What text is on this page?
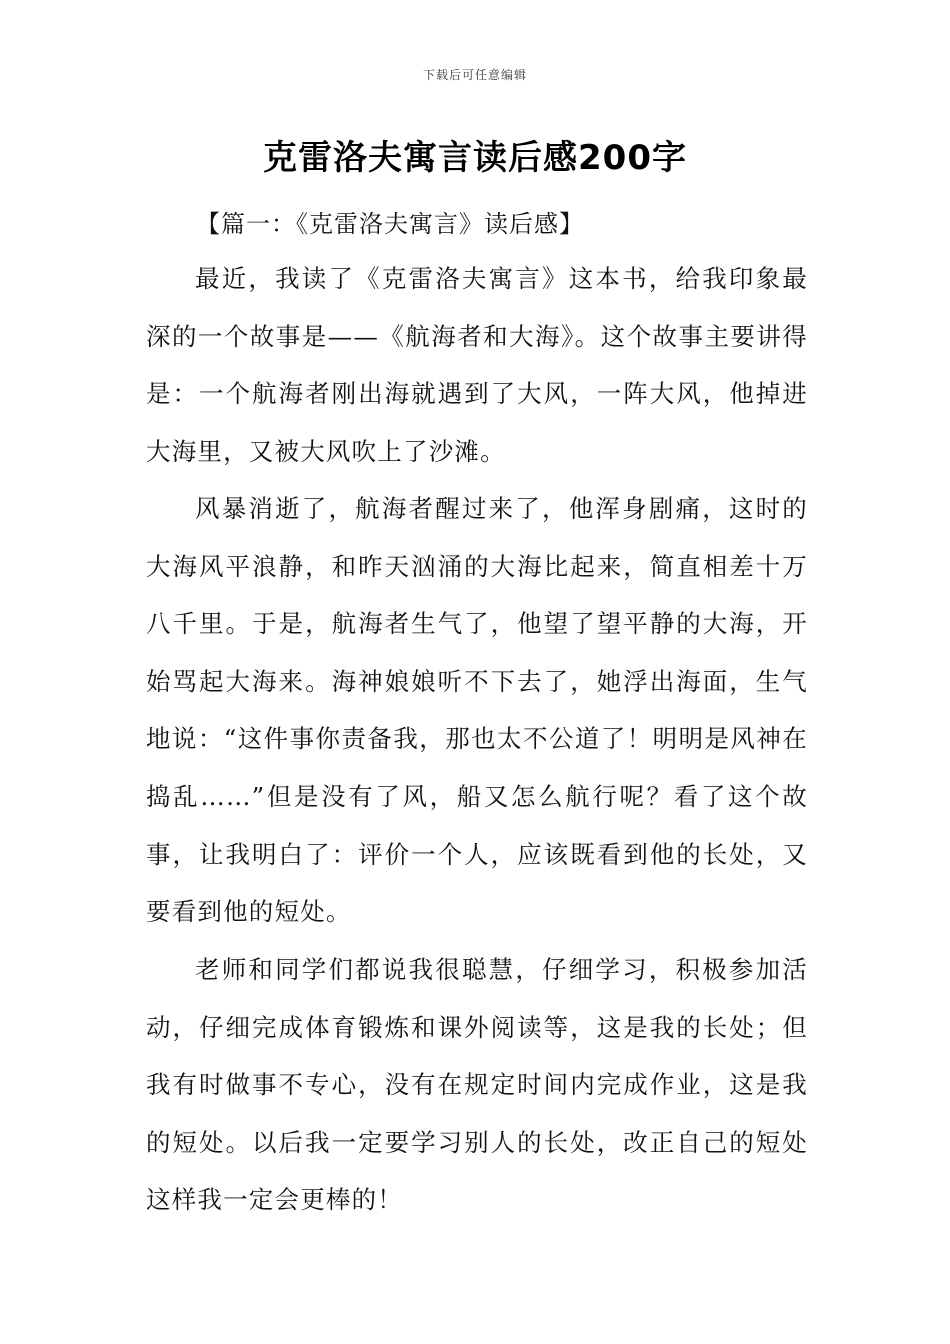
下载后可任意编辑
克雷洛夫寓言读后感200字
【篇一：《克雷洛夫寓言》读后感】

最近，我读了《克雷洛夫寓言》这本书，给我印象最深的一个故事是——《航海者和大海》。这个故事主要讲得是：一个航海者刚出海就遇到了大风，一阵大风，他掉进大海里，又被大风吹上了沙滩。

风暴消逝了，航海者醒过来了，他浑身剧痛，这时的大海风平浪静，和昨天汹涌的大海比起来，简直相差十万八千里。于是，航海者生气了，他望了望平静的大海，开始骂起大海来。海神娘娘听不下去了，她浮出海面，生气地说：“这件事你责备我，那也太不公道了！明明是风神在捣乱……”但是没有了风，船又怎么航行呢？看了这个故事，让我明白了：评价一个人，应该既看到他的长处，又要看到他的短处。

老师和同学们都说我很聪慧，仔细学习，积极参加活动，仔细完成体育锻炼和课外阅读等，这是我的长处；但我有时做事不专心，没有在规定时间内完成作业，这是我的短处。以后我一定要学习别人的长处，改正自己的短处这样我一定会更棒的！
